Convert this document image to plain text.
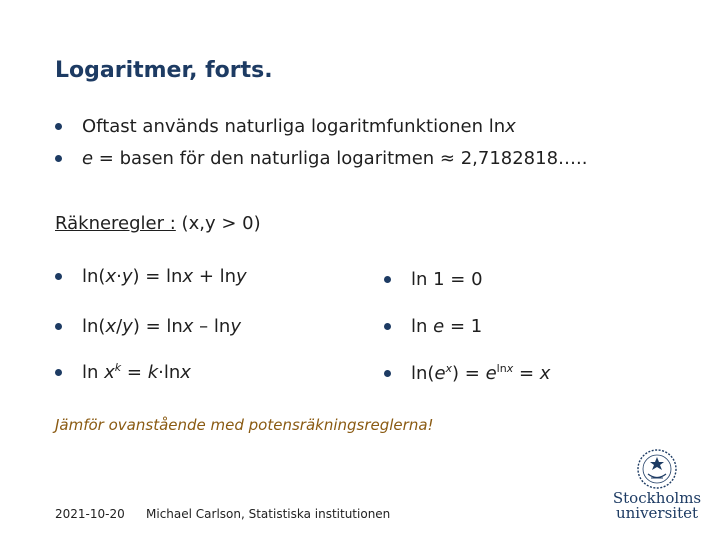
Logaritmer, forts.
Oftast används naturliga logaritmfunktionen lnx
e = basen för den naturliga logaritmen ≈ 2,7182818…..
Räkneregler : (x,y > 0)
ln(x·y) = lnx + lny
ln(x/y) = lnx – lny
$\ln x^k = k\cdot\ln x$
ln 1 = 0
ln e = 1
$\ln(e^x) = e^{lnx} = x$
Jämför ovanstående med potensräkningsreglerna!
2021-10-20 Michael Carlson, Statistiska institutionen
Stockholms
universitet
